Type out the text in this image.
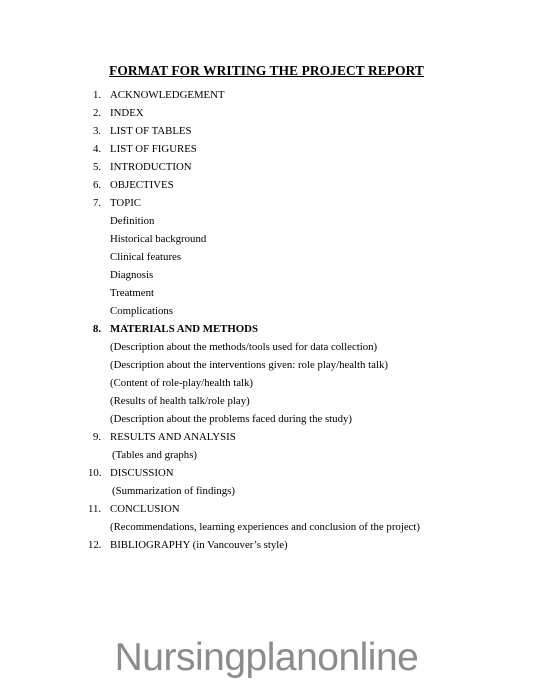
FORMAT FOR WRITING THE PROJECT REPORT
1. ACKNOWLEDGEMENT
2. INDEX
3. LIST OF TABLES
4. LIST OF FIGURES
5. INTRODUCTION
6. OBJECTIVES
7. TOPIC
Definition
Historical background
Clinical features
Diagnosis
Treatment
Complications
8. MATERIALS AND METHODS
(Description about the methods/tools used for data collection)
(Description about the interventions given: role play/health talk)
(Content of role-play/health talk)
(Results of health talk/role play)
(Description about the problems faced during the study)
9. RESULTS AND ANALYSIS
(Tables and graphs)
10. DISCUSSION
(Summarization of findings)
11. CONCLUSION
(Recommendations, learning experiences and conclusion of the project)
12. BIBLIOGRAPHY (in Vancouver’s style)
Nursingplanonline
